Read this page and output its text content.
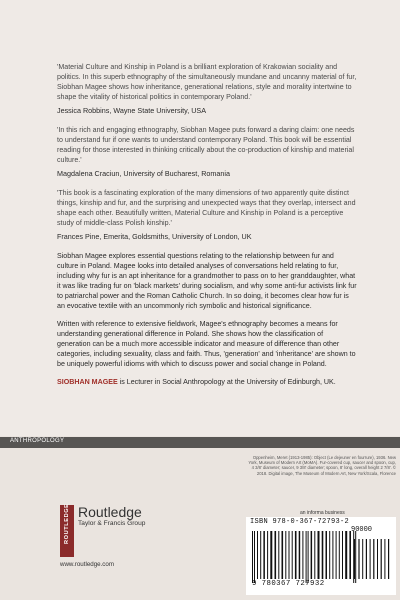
'Material Culture and Kinship in Poland is a brilliant exploration of Krakowian sociality and politics. In this superb ethnography of the simultaneously mundane and uncanny material of fur, Siobhan Magee shows how inheritance, generational relations, style and morality intertwine to shape the vitality of historical politics in contemporary Poland.'

Jessica Robbins, Wayne State University, USA

'In this rich and engaging ethnography, Siobhan Magee puts forward a daring claim: one needs to understand fur if one wants to understand contemporary Poland. This book will be essential reading for those interested in thinking critically about the co-production of kinship and material culture.'

Magdalena Craciun, University of Bucharest, Romania

'This book is a fascinating exploration of the many dimensions of two apparently quite distinct things, kinship and fur, and the surprising and unexpected ways that they overlap, intersect and shape each other. Beautifully written, Material Culture and Kinship in Poland is a perceptive study of middle-class Polish kinship.'

Frances Pine, Emerita, Goldsmiths, University of London, UK

Siobhan Magee explores essential questions relating to the relationship between fur and culture in Poland. Magee looks into detailed analyses of conversations held relating to fur, including why fur is an apt inheritance for a grandmother to pass on to her granddaughter, what it was like trading fur on 'black markets' during socialism, and why some anti-fur activists link fur to patriarchal power and the Roman Catholic Church. In so doing, it becomes clear how fur is an evocative textile with an uncommonly rich symbolic and historical significance.

Written with reference to extensive fieldwork, Magee's ethnography becomes a means for understanding generational difference in Poland. She shows how the classification of generation can be a much more accessible indicator and measure of difference than other categories, including sexuality, class and faith. Thus, 'generation' and 'inheritance' are shown to be uniquely powerful idioms with which to discuss power and social change in Poland.

SIOBHAN MAGEE is Lecturer in Social Anthropology at the University of Edinburgh, UK.

ANTHROPOLOGY
Oppenheim, Meret (1913-1985): Object (Le dejeuner en fourrure), 1936. New York, Museum of Modern Art (MoMA). Fur-covered cup, saucer and spoon, cup, 4 3/8' diameter; saucer, 9 3/8' diameter; spoon, 8' long, overall height 2 7/8'. © 2018. Digital image, The Museum of Modern Art, New York/Scala, Florence
an informa business
ISBN 978-0-367-72793-2
90000
9 780367 727932
ROUTLEDGE Routledge
Taylor & Francis Group
www.routledge.com
